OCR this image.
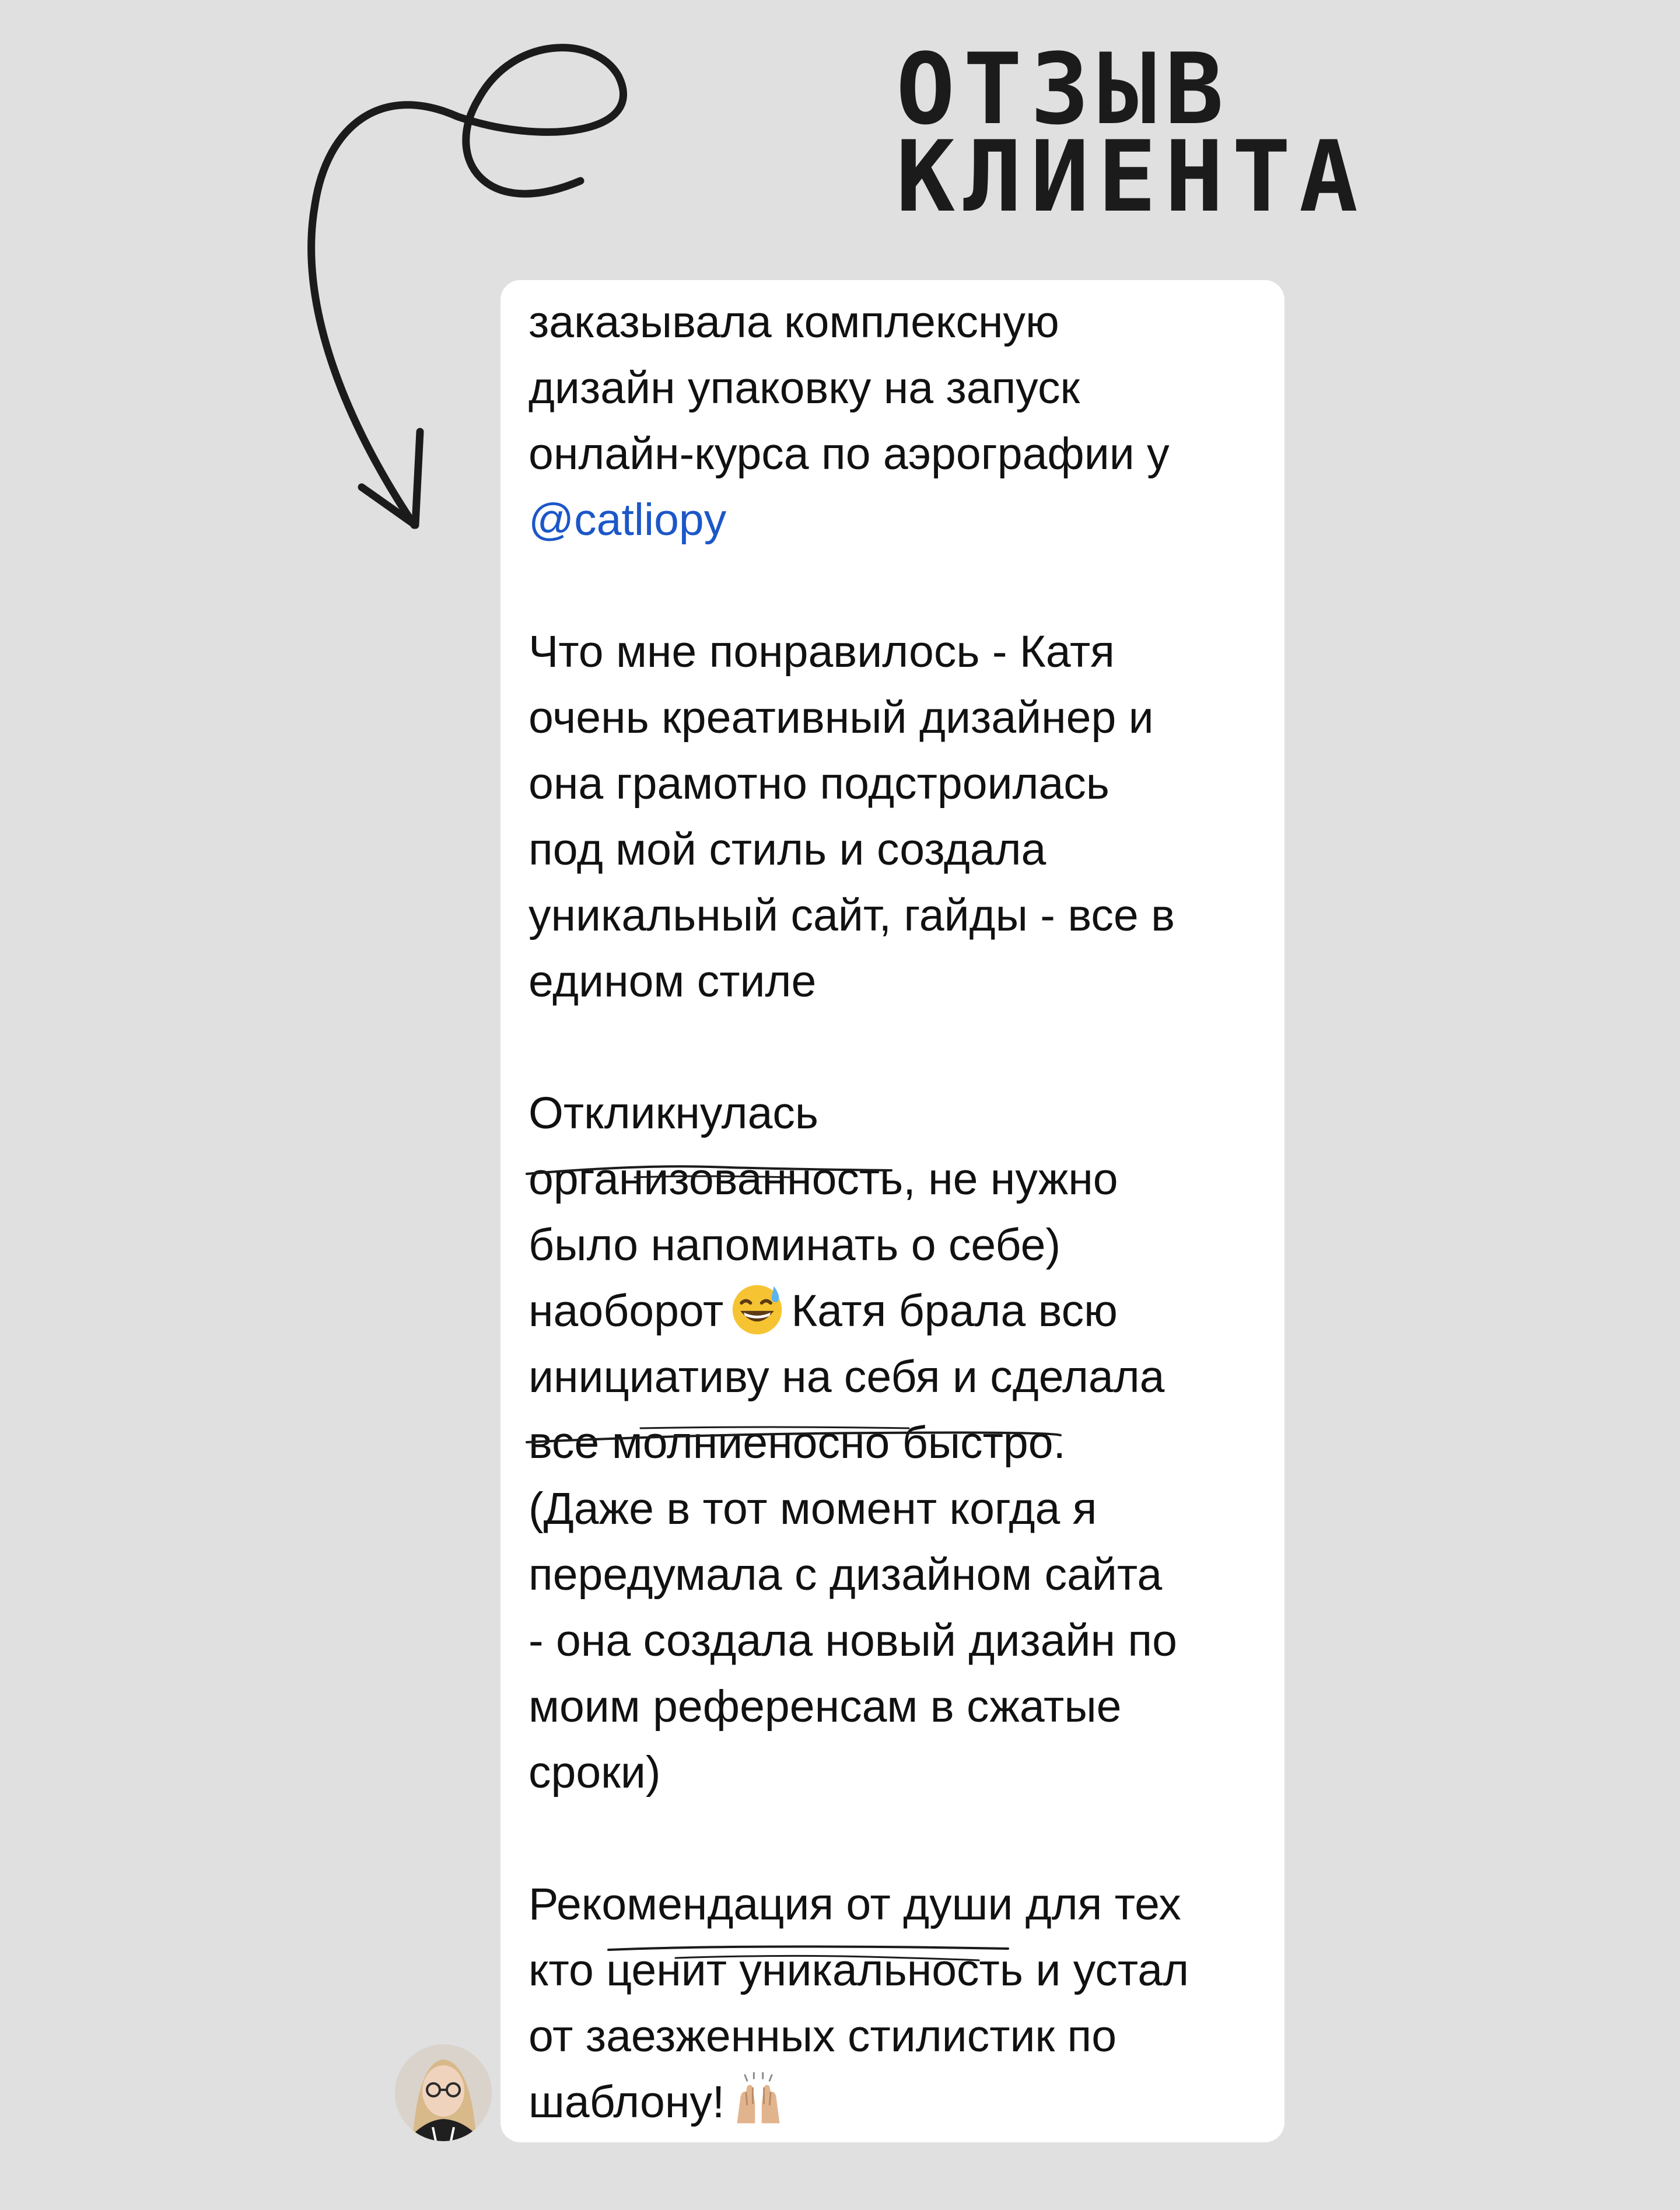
ОТЗЫВ
КЛИЕНТА
заказывала комплексную
дизайн упаковку на запуск
онлайн-курса по аэрографии у
@catliopy
Что мне понравилось - Катя
очень креативный дизайнер и
она грамотно подстроилась
под мой стиль и создала
уникальный сайт, гайды - все в
едином стиле
Откликнулась
организованность, не нужно
было напоминать о себе)
наоборот Катя брала всю
инициативу на себя и сделала
все молниеносно быстро.
(Даже в тот момент когда я
передумала с дизайном сайта
- она создала новый дизайн по
моим референсам в сжатые
сроки)
Рекомендация от души для тех
кто ценит уникальность и устал
от заезженных стилистик по
шаблону!
